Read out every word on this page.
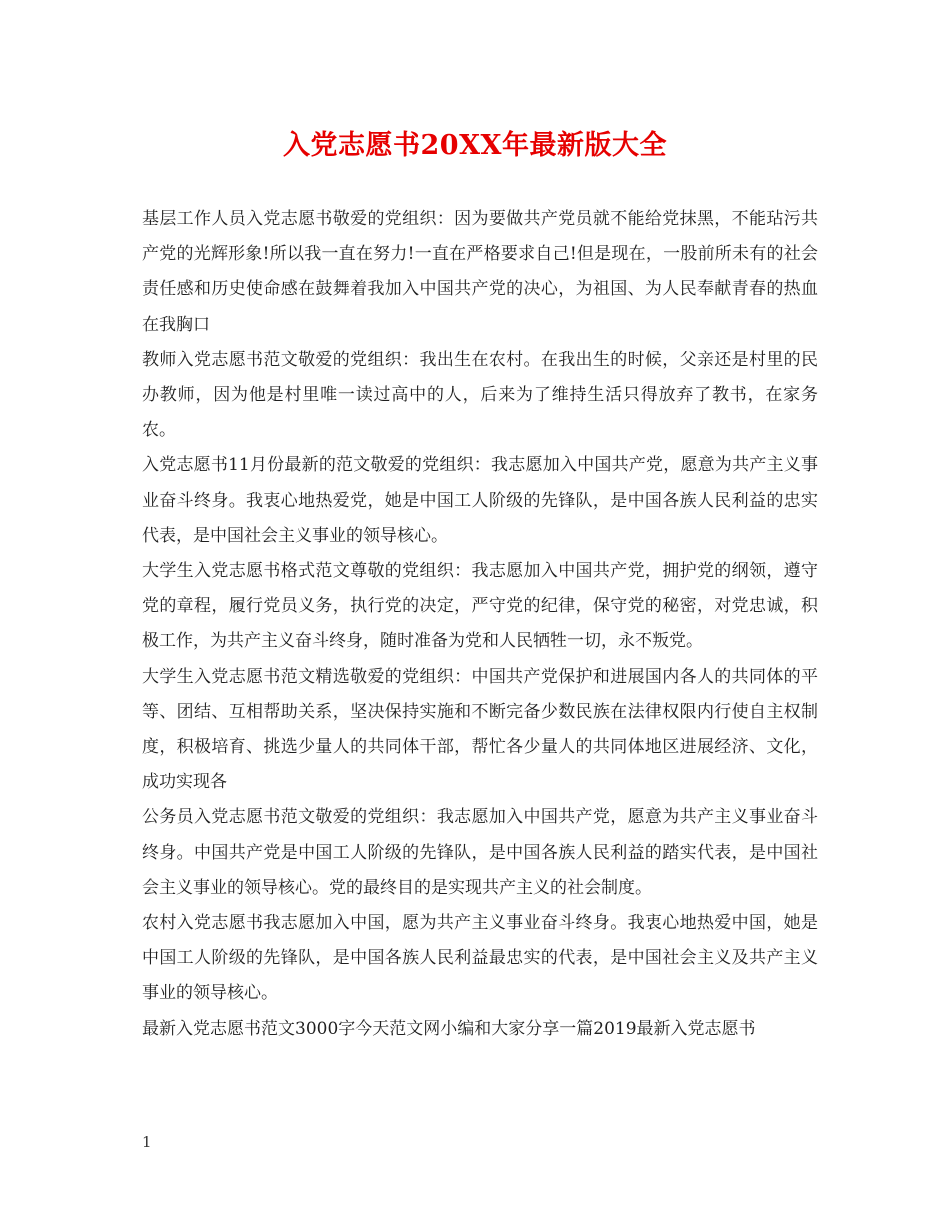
入党志愿书20XX年最新版大全

基层工作人员入党志愿书敬爱的党组织：因为要做共产党员就不能给党抹黑，不能玷污共产党的光辉形象!所以我一直在努力!一直在严格要求自己!但是现在，一股前所未有的社会责任感和历史使命感在鼓舞着我加入中国共产党的决心，为祖国、为人民奉献青春的热血在我胸口

教师入党志愿书范文敬爱的党组织：我出生在农村。在我出生的时候，父亲还是村里的民办教师，因为他是村里唯一读过高中的人，后来为了维持生活只得放弃了教书，在家务农。

入党志愿书11月份最新的范文敬爱的党组织：我志愿加入中国共产党，愿意为共产主义事业奋斗终身。我衷心地热爱党，她是中国工人阶级的先锋队，是中国各族人民利益的忠实代表，是中国社会主义事业的领导核心。

大学生入党志愿书格式范文尊敬的党组织：我志愿加入中国共产党，拥护党的纲领，遵守党的章程，履行党员义务，执行党的决定，严守党的纪律，保守党的秘密，对党忠诚，积极工作，为共产主义奋斗终身，随时准备为党和人民牺牲一切，永不叛党。

大学生入党志愿书范文精选敬爱的党组织：中国共产党保护和进展国内各人的共同体的平等、团结、互相帮助关系，坚决保持实施和不断完备少数民族在法律权限内行使自主权制度，积极培育、挑选少量人的共同体干部，帮忙各少量人的共同体地区进展经济、文化，成功实现各

公务员入党志愿书范文敬爱的党组织：我志愿加入中国共产党，愿意为共产主义事业奋斗终身。中国共产党是中国工人阶级的先锋队，是中国各族人民利益的踏实代表，是中国社会主义事业的领导核心。党的最终目的是实现共产主义的社会制度。

农村入党志愿书我志愿加入中国，愿为共产主义事业奋斗终身。我衷心地热爱中国，她是中国工人阶级的先锋队，是中国各族人民利益最忠实的代表，是中国社会主义及共产主义事业的领导核心。

最新入党志愿书范文3000字今天范文网小编和大家分享一篇2019最新入党志愿书

1
